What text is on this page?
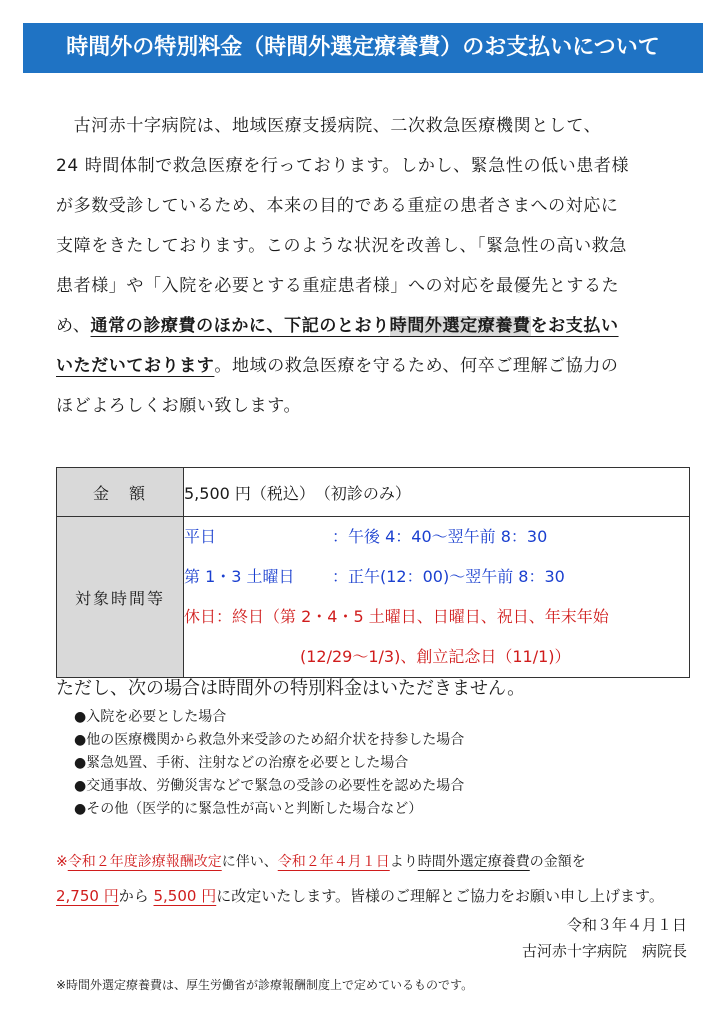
時間外の特別料金（時間外選定療養費）のお支払いについて
　古河赤十字病院は、地域医療支援病院、二次救急医療機関として、
24 時間体制で救急医療を行っております。しかし、緊急性の低い患者様
が多数受診しているため、本来の目的である重症の患者さまへの対応に
支障をきたしております。このような状況を改善し、「緊急性の高い救急
患者様」や「入院を必要とする重症患者様」への対応を最優先とするた
め、通常の診療費のほかに、下記のとおり時間外選定療養費をお支払い
いただいております。地域の救急医療を守るため、何卒ご理解ご協力の
ほどよろしくお願い致します。
金　額	5,500 円（税込）　（初診のみ）
対象時間等	平日 ：午後 4：40～翌午前 8：30
第 1・3 土曜日 ：正午(12：00)～翌午前 8：30
休日：終日（第 2・4・5 土曜日、日曜日、祝日、年末年始
(12/29～1/3)、創立記念日（11/1)）
ただし、次の場合は時間外の特別料金はいただきません。
●入院を必要とした場合
●他の医療機関から救急外来受診のため紹介状を持参した場合
●緊急処置、手術、注射などの治療を必要とした場合
●交通事故、労働災害などで緊急の受診の必要性を認めた場合
●その他（医学的に緊急性が高いと判断した場合など）
※令和２年度診療報酬改定に伴い、令和２年４月１日より時間外選定療養費の金額を
2,750 円から 5,500 円に改定いたします。皆様のご理解とご協力をお願い申し上げます。
令和３年４月１日
古河赤十字病院　病院長
※時間外選定療養費は、厚生労働省が診療報酬制度上で定めているものです。
